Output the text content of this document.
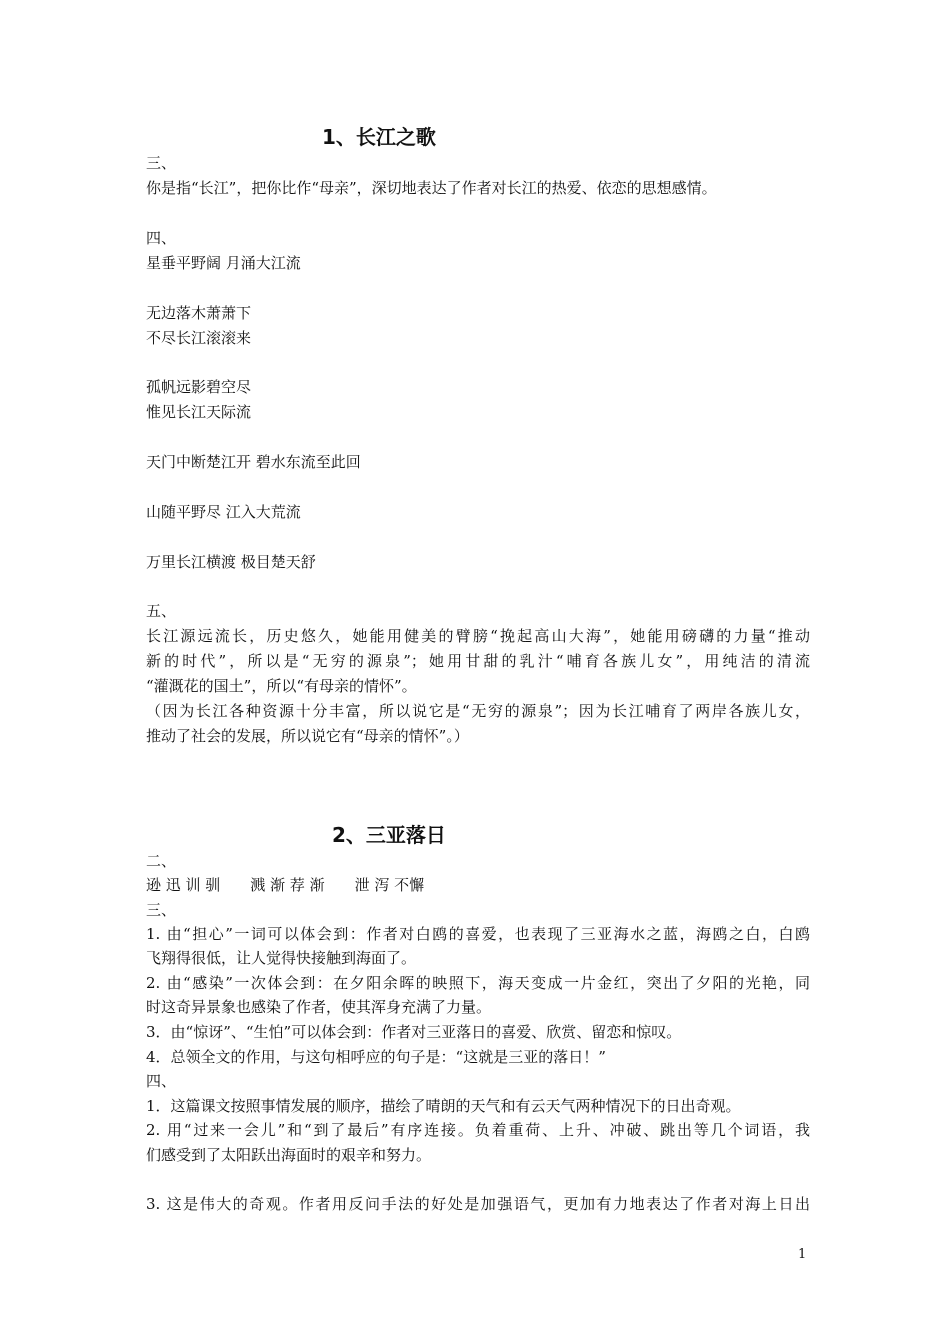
1、长江之歌
三、
你是指“长江”，把你比作“母亲”，深切地表达了作者对长江的热爱、依恋的思想感情。
四、
星垂平野阔 月涌大江流
无边落木萧萧下
不尽长江滚滚来
孤帆远影碧空尽
惟见长江天际流
天门中断楚江开 碧水东流至此回
山随平野尽 江入大荒流
万里长江横渡 极目楚天舒
五、
长江源远流长，历史悠久，她能用健美的臂膀“挽起高山大海”，她能用磅礴的力量“推动
新的时代”，所以是“无穷的源泉”；她用甘甜的乳汁“哺育各族儿女”，用纯洁的清流
“灌溉花的国土”，所以“有母亲的情怀”。
（因为长江各种资源十分丰富，所以说它是“无穷的源泉”；因为长江哺育了两岸各族儿女，
推动了社会的发展，所以说它有“母亲的情怀”。）
2、三亚落日
二、
逊 迅 训 驯　　溅 渐 荐 渐　　泄 泻 不懈
三、
1. 由“担心”一词可以体会到：作者对白鸥的喜爱，也表现了三亚海水之蓝，海鸥之白，白鸥
飞翔得很低，让人觉得快接触到海面了。
2. 由“感染”一次体会到：在夕阳余晖的映照下，海天变成一片金红，突出了夕阳的光艳，同
时这奇异景象也感染了作者，使其浑身充满了力量。
3．由“惊讶”、“生怕”可以体会到：作者对三亚落日的喜爱、欣赏、留恋和惊叹。
4．总领全文的作用，与这句相呼应的句子是：“这就是三亚的落日！”
四、
1．这篇课文按照事情发展的顺序，描绘了晴朗的天气和有云天气两种情况下的日出奇观。
2. 用“过来一会儿”和“到了最后”有序连接。负着重荷、上升、冲破、跳出等几个词语，我
们感受到了太阳跃出海面时的艰辛和努力。
3. 这是伟大的奇观。作者用反问手法的好处是加强语气，更加有力地表达了作者对海上日出
1
